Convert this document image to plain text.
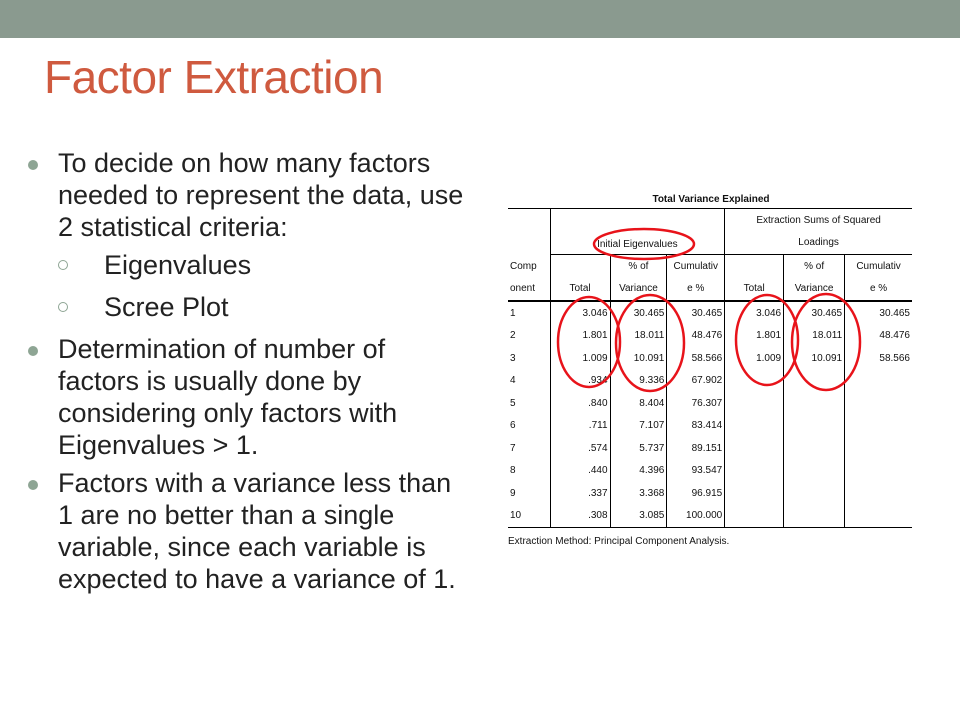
Factor Extraction
To decide on how many factors needed to represent the data, use 2 statistical criteria:
Eigenvalues
Scree Plot
Determination of number of factors is usually done by considering only factors with Eigenvalues > 1.
Factors with a variance less than 1 are no better than a single variable, since each variable is expected to have a variance of 1.
Total Variance Explained
	Initial Eigenvalues			Extraction Sums of Squared		
				Loadings		
Comp		% of	Cumulativ		% of	Cumulativ
onent	Total	Variance	e %	Total	Variance	e %
1	3.046	30.465	30.465	3.046	30.465	30.465
2	1.801	18.011	48.476	1.801	18.011	48.476
3	1.009	10.091	58.566	1.009	10.091	58.566
4	.934	9.336	67.902			
5	.840	8.404	76.307			
6	.711	7.107	83.414			
7	.574	5.737	89.151			
8	.440	4.396	93.547			
9	.337	3.368	96.915			
10	.308	3.085	100.000			
Extraction Method: Principal Component Analysis.
